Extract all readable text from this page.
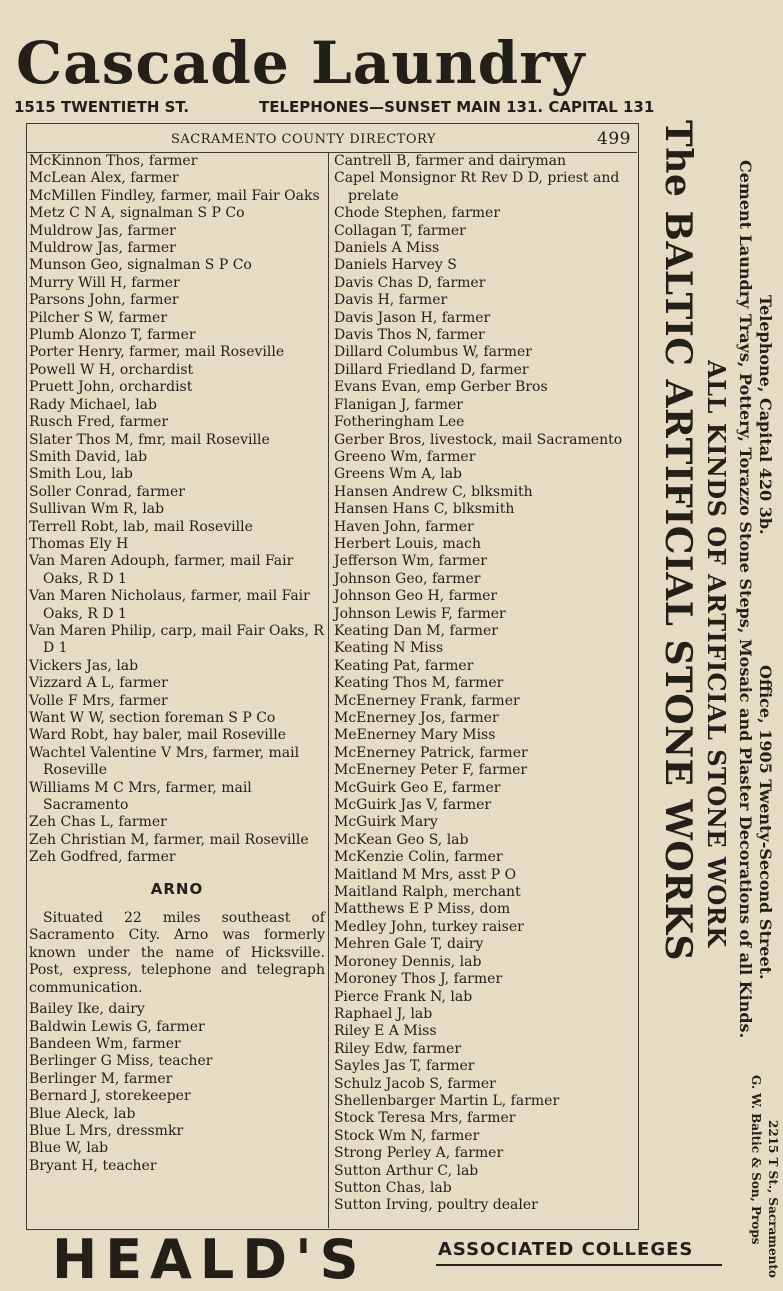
Cascade Laundry
1515 TWENTIETH ST.	TELEPHONES—SUNSET MAIN 131. CAPITAL 131
SACRAMENTO COUNTY DIRECTORY	499
McKinnon Thos, farmer
McLean Alex, farmer
McMillen Findley, farmer, mail Fair Oaks
Metz C N A, signalman S P Co
Muldrow Jas, farmer
Muldrow Jas, farmer
Munson Geo, signalman S P Co
Murry Will H, farmer
Parsons John, farmer
Pilcher S W, farmer
Plumb Alonzo T, farmer
Porter Henry, farmer, mail Roseville
Powell W H, orchardist
Pruett John, orchardist
Rady Michael, lab
Rusch Fred, farmer
Slater Thos M, fmr, mail Roseville
Smith David, lab
Smith Lou, lab
Soller Conrad, farmer
Sullivan Wm R, lab
Terrell Robt, lab, mail Roseville
Thomas Ely H
Van Maren Adouph, farmer, mail Fair Oaks, R D 1
Van Maren Nicholaus, farmer, mail Fair Oaks, R D 1
Van Maren Philip, carp, mail Fair Oaks, R D 1
Vickers Jas, lab
Vizzard A L, farmer
Volle F Mrs, farmer
Want W W, section foreman S P Co
Ward Robt, hay baler, mail Roseville
Wachtel Valentine V Mrs, farmer, mail Roseville
Williams M C Mrs, farmer, mail Sacramento
Zeh Chas L, farmer
Zeh Christian M, farmer, mail Roseville
Zeh Godfred, farmer
ARNO
Situated 22 miles southeast of Sacramento City. Arno was formerly known under the name of Hicksville. Post, express, telephone and telegraph communication.
Bailey Ike, dairy
Baldwin Lewis G, farmer
Bandeen Wm, farmer
Berlinger G Miss, teacher
Berlinger M, farmer
Bernard J, storekeeper
Blue Aleck, lab
Blue L Mrs, dressmkr
Blue W, lab
Bryant H, teacher
Cantrell B, farmer and dairyman
Capel Monsignor Rt Rev D D, priest and prelate
Chode Stephen, farmer
Collagan T, farmer
Daniels A Miss
Daniels Harvey S
Davis Chas D, farmer
Davis H, farmer
Davis Jason H, farmer
Davis Thos N, farmer
Dillard Columbus W, farmer
Dillard Friedland D, farmer
Evans Evan, emp Gerber Bros
Flanigan J, farmer
Fotheringham Lee
Gerber Bros, livestock, mail Sacramento
Greeno Wm, farmer
Greens Wm A, lab
Hansen Andrew C, blksmith
Hansen Hans C, blksmith
Haven John, farmer
Herbert Louis, mach
Jefferson Wm, farmer
Johnson Geo, farmer
Johnson Geo H, farmer
Johnson Lewis F, farmer
Keating Dan M, farmer
Keating N Miss
Keating Pat, farmer
Keating Thos M, farmer
McEnerney Frank, farmer
McEnerney Jos, farmer
MeEnerney Mary Miss
McEnerney Patrick, farmer
McEnerney Peter F, farmer
McGuirk Geo E, farmer
McGuirk Jas V, farmer
McGuirk Mary
McKean Geo S, lab
McKenzie Colin, farmer
Maitland M Mrs, asst P O
Maitland Ralph, merchant
Matthews E P Miss, dom
Medley John, turkey raiser
Mehren Gale T, dairy
Moroney Dennis, lab
Moroney Thos J, farmer
Pierce Frank N, lab
Raphael J, lab
Riley E A Miss
Riley Edw, farmer
Sayles Jas T, farmer
Schulz Jacob S, farmer
Shellenbarger Martin L, farmer
Stock Teresa Mrs, farmer
Stock Wm N, farmer
Strong Perley A, farmer
Sutton Arthur C, lab
Sutton Chas, lab
Sutton Irving, poultry dealer
The BALTIC ARTIFICIAL STONE WORKS ALL KINDS OF ARTIFICIAL STONE WORK Cement Laundry Trays, Pottery, Torazzo Stone Steps, Mosaic and Plaster Decorations of all Kinds. Telephone, Capital 420 3b.
Office, 1905 Twenty-Second Street.
2215 T St., Sacramento
G. W. Baltic & Son, Props
HEALD'S	ASSOCIATED COLLEGES
